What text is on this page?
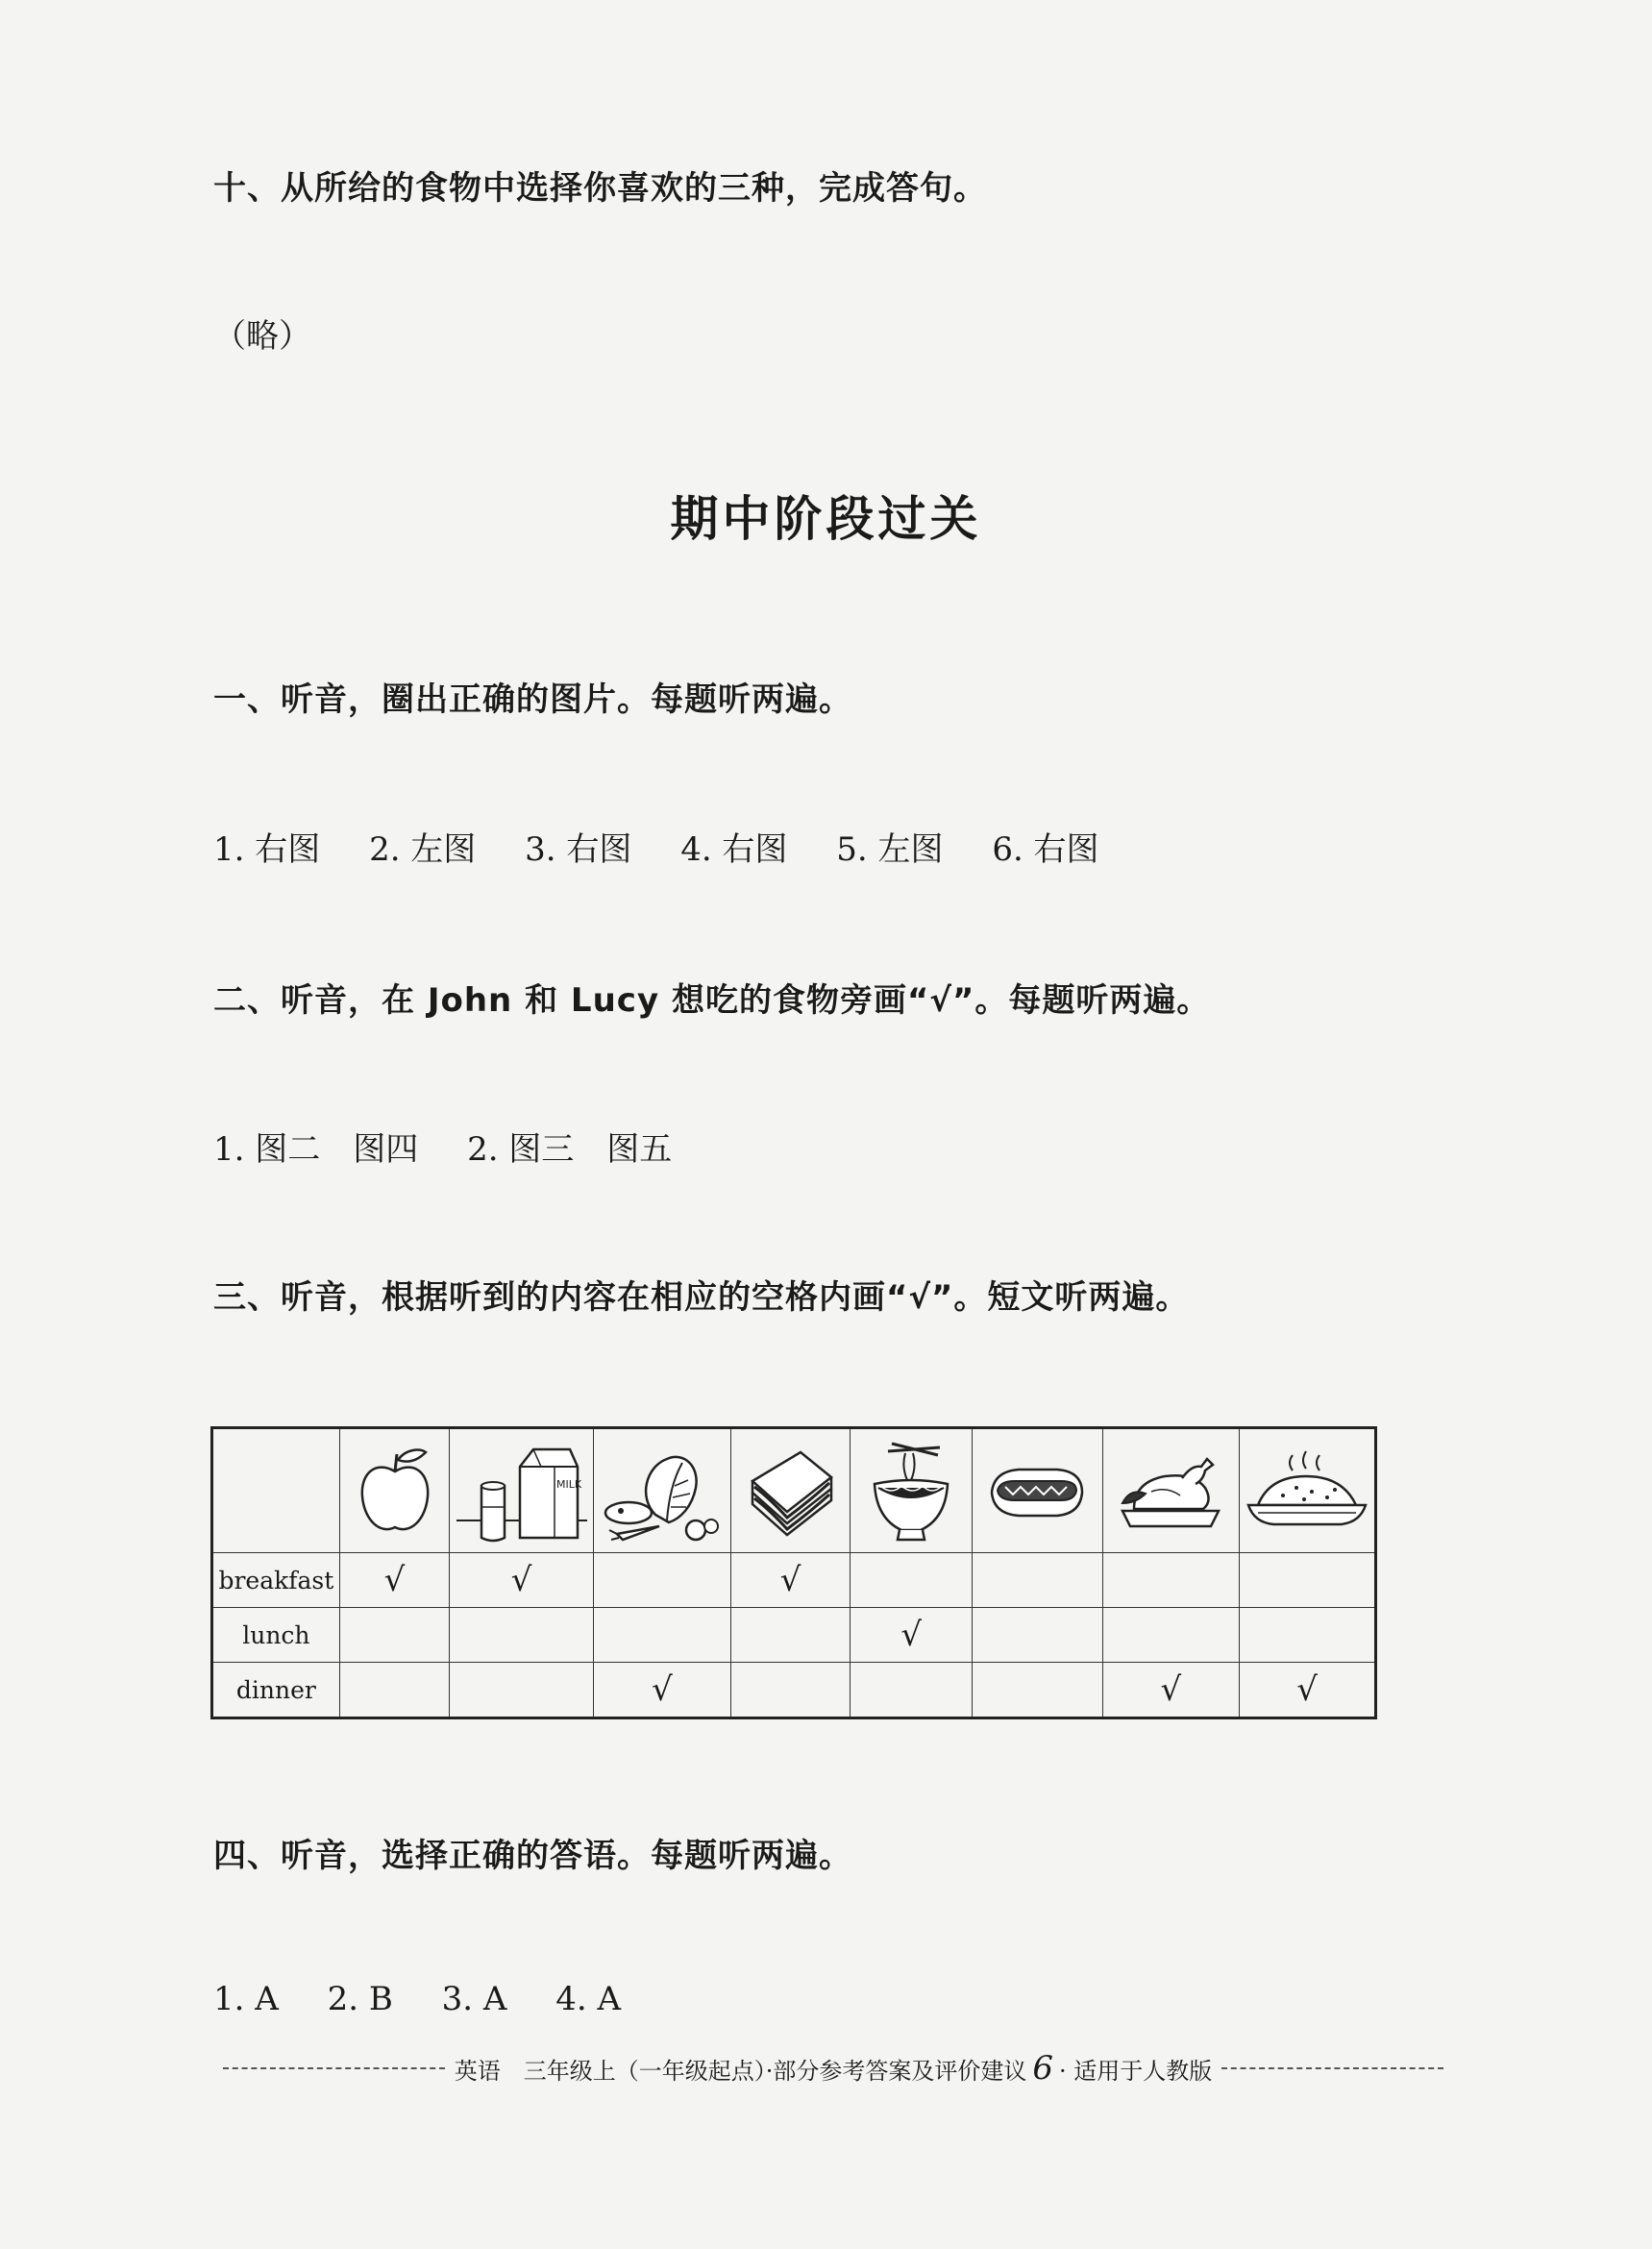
十、从所给的食物中选择你喜欢的三种，完成答句。
（略）
期中阶段过关
一、听音，圈出正确的图片。每题听两遍。
1. 右图 2. 左图 3. 右图 4. 右图 5. 左图 6. 右图
二、听音，在 John 和 Lucy 想吃的食物旁画“√”。每题听两遍。
1. 图二　图四 2. 图三　图五
三、听音，根据听到的内容在相应的空格内画“√”。短文听两遍。

MILK

breakfast	√	√		√				
lunch					√			
dinner			√				√	√
四、听音，选择正确的答语。每题听两遍。
1. A 2. B 3. A 4. A
英语　三年级上（一年级起点）·部分参考答案及评价建议 6 · 适用于人教版
